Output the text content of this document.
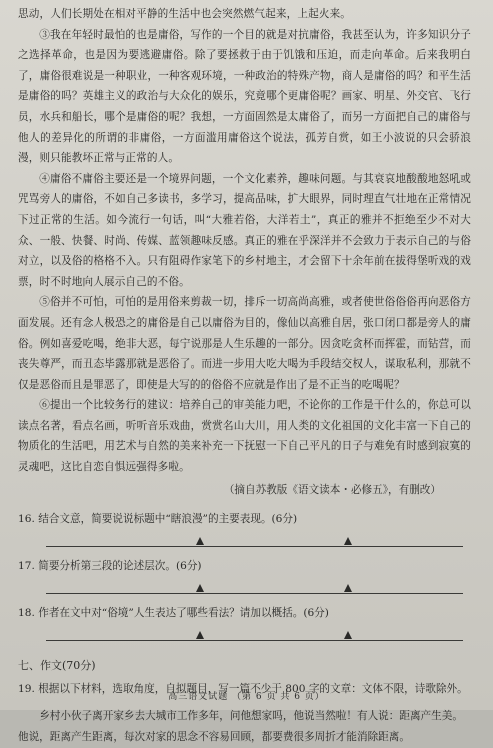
思动，人们长期处在相对平静的生活中也会突然燃气起来，上起火来。

③我在年轻时最怕的也是庸俗，写作的一个目的就是对抗庸俗，我甚至认为，许多知识分子之选择革命，也是因为要逃避庸俗。除了要拯救于由于饥饿和压迫，而走向革命。后来我明白了，庸俗很难说是一种职业，一种客观环境，一种政治的特殊产物，商人是庸俗的吗？和平生活是庸俗的吗？英雄主义的政治与大众化的娱乐，究竟哪个更庸俗呢？画家、明星、外交官、飞行员，水兵和船长，哪个是庸俗的呢？我想，一方面固然是太庸俗了，而另一方面把自己的庸俗与他人的差异化的所谓的非庸俗，一方面滥用庸俗这个说法，孤芳自赏，如王小波说的只会骄浪漫，则只能教坏正常与正常的人。

④庸俗不庸俗主要还是一个境界问题，一个文化素养，趣味问题。与其衰哀地酸酸地怒吼或咒骂旁人的庸俗，不如自己多读书，多学习，提高品味，扩大眼界，同时理直气壮地在正常情况下过正常的生活。如今流行一句话，叫“大雅若俗，大洋若土”，真正的雅并不拒绝至少不对大众、一般、快餐、时尚、传媒、蓝领趣味反感。真正的雅在乎深洋并不会致力于表示自己的与俗对立，以及俗的格格不入。只有阻碍作家笔下的乡村地主，才会留下十余年前在拔得堡听戏的戏票，时不时地向人展示自己的不俗。

⑤俗并不可怕，可怕的是用俗来剪裁一切，排斥一切高尚高雅，或者使世俗俗俗再向恶俗方面发展。还有念人极恐之的庸俗是自己以庸俗为目的，像仙以高雅自居，张口闭口都是旁人的庸俗。例如喜爱吃喝，绝非大恶，每宁说那是人生乐趣的一部分。因贪吃贪杯而挥霍，而钻营，而丧失尊严，而丑态毕露那就是恶俗了。而进一步用大吃大喝为手段结交权人，谋取私利，那就不仅是恶俗而且是罪恶了，即使是大写的的俗俗不应就是作出了是不正当的吃喝呢？

⑥提出一个比较务行的建议：培养自己的审美能力吧，不论你的工作是干什么的，你总可以读点名著，看点名画，听听音乐戏曲，赏赏名山大川，用人类的文化祖国的文化丰富一下自己的物质化的生活吧，用艺术与自然的美来补充一下抚慰一下自己平凡的日子与难免有时感到寂寞的灵魂吧，这比自恋自惧远强得多啦。

（摘自苏教版《语文读本・必修五》，有删改）

16. 结合文意，简要说说标题中“瞎浪漫”的主要表现。(6分)

17. 简要分析第三段的论述层次。(6分)

18. 作者在文中对“俗境”人生表达了哪些看法？请加以概括。(6分)

七、作文(70分)

19. 根据以下材料，选取角度，自拟题目，写一篇不少于 800 字的文章：文体不限，诗歌除外。

乡村小伙子离开家乡去大城市工作多年，问他想家吗，他说当然啦！有人说：距离产生美。他说，距离产生距离，每次对家的思念不容易回顾，都要费很多周折才能消除距离。

高三语文试题 （第 6 页 共 6 页）
